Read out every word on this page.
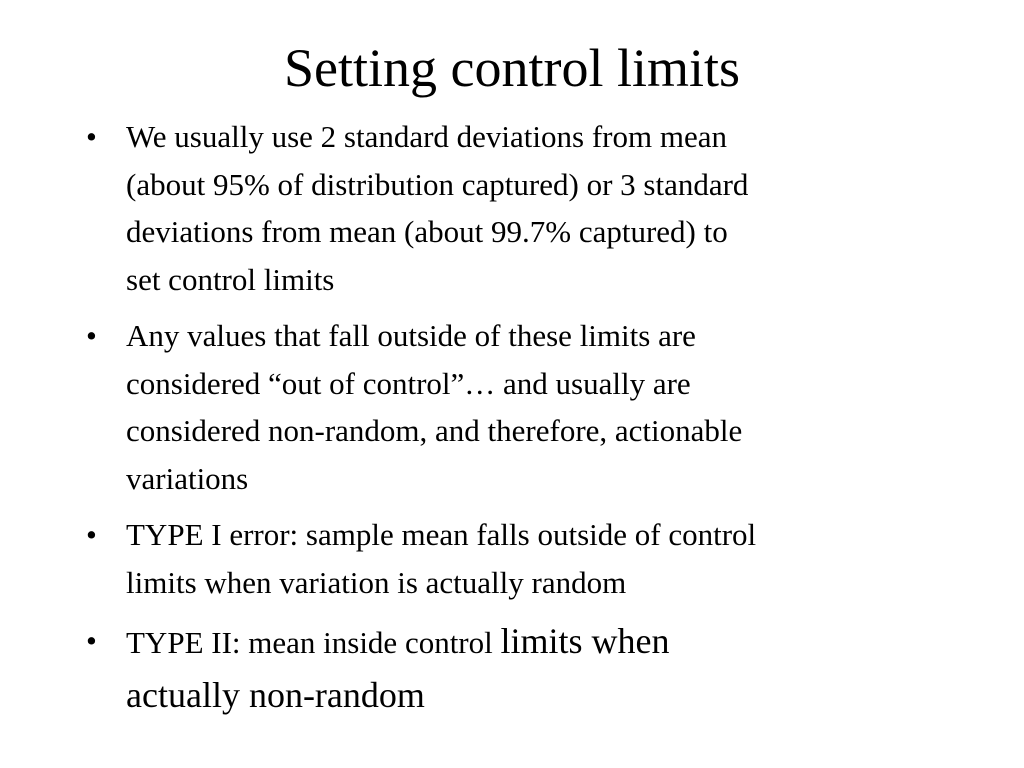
Setting control limits
• We usually use 2 standard deviations from mean
(about 95% of distribution captured) or 3 standard
deviations from mean (about 99.7% captured) to
set control limits
• Any values that fall outside of these limits are
considered “out of control”… and usually are
considered non-random, and therefore, actionable
variations
• TYPE I error: sample mean falls outside of control
limits when variation is actually random
• TYPE II: mean inside control limits when
actually non-random
